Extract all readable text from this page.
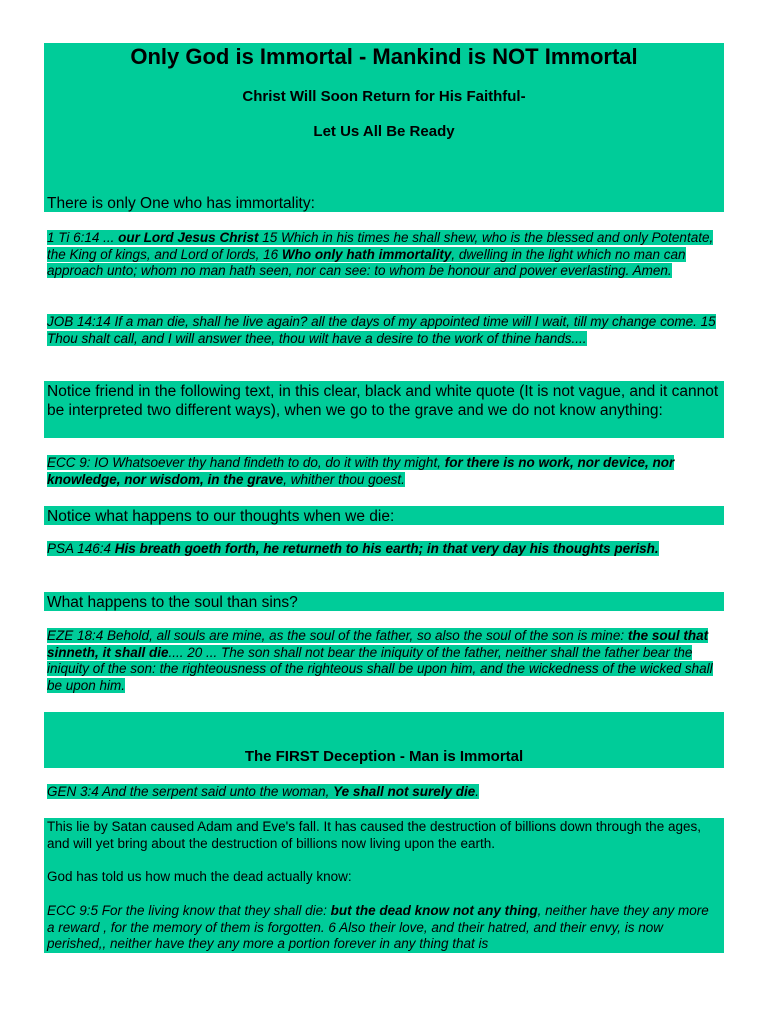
Only God is Immortal - Mankind is NOT Immortal
Christ Will Soon Return for His Faithful-
Let Us All Be Ready
There is only One who has immortality:
1 Ti 6:14 ... our Lord Jesus Christ 15 Which in his times he shall shew, who is the blessed and only Potentate, the King of kings, and Lord of lords, 16 Who only hath immortality, dwelling in the light which no man can approach unto; whom no man hath seen, nor can see: to whom be honour and power everlasting. Amen.
JOB 14:14 If a man die, shall he live again? all the days of my appointed time will I wait, till my change come. 15 Thou shalt call, and I will answer thee, thou wilt have a desire to the work of thine hands....
Notice friend in the following text, in this clear, black and white quote (It is not vague, and it cannot be interpreted two different ways), when we go to the grave and we do not know anything:
ECC 9: IO Whatsoever thy hand findeth to do, do it with thy might, for there is no work, nor device, nor knowledge, nor wisdom, in the grave, whither thou goest.
Notice what happens to our thoughts when we die:
PSA 146:4 His breath goeth forth, he returneth to his earth; in that very day his thoughts perish.
What happens to the soul than sins?
EZE 18:4 Behold, all souls are mine, as the soul of the father, so also the soul of the son is mine: the soul that sinneth, it shall die.... 20 ... The son shall not bear the iniquity of the father, neither shall the father bear the iniquity of the son: the righteousness of the righteous shall be upon him, and the wickedness of the wicked shall be upon him.
The FIRST Deception - Man is Immortal
GEN 3:4 And the serpent said unto the woman, Ye shall not surely die.
This lie by Satan caused Adam and Eve's fall. It has caused the destruction of billions down through the ages, and will yet bring about the destruction of billions now living upon the earth.
God has told us how much the dead actually know:
ECC 9:5 For the living know that they shall die: but the dead know not any thing, neither have they any more a reward , for the memory of them is forgotten. 6 Also their love, and their hatred, and their envy, is now perished,, neither have they any more a portion forever in any thing that is
